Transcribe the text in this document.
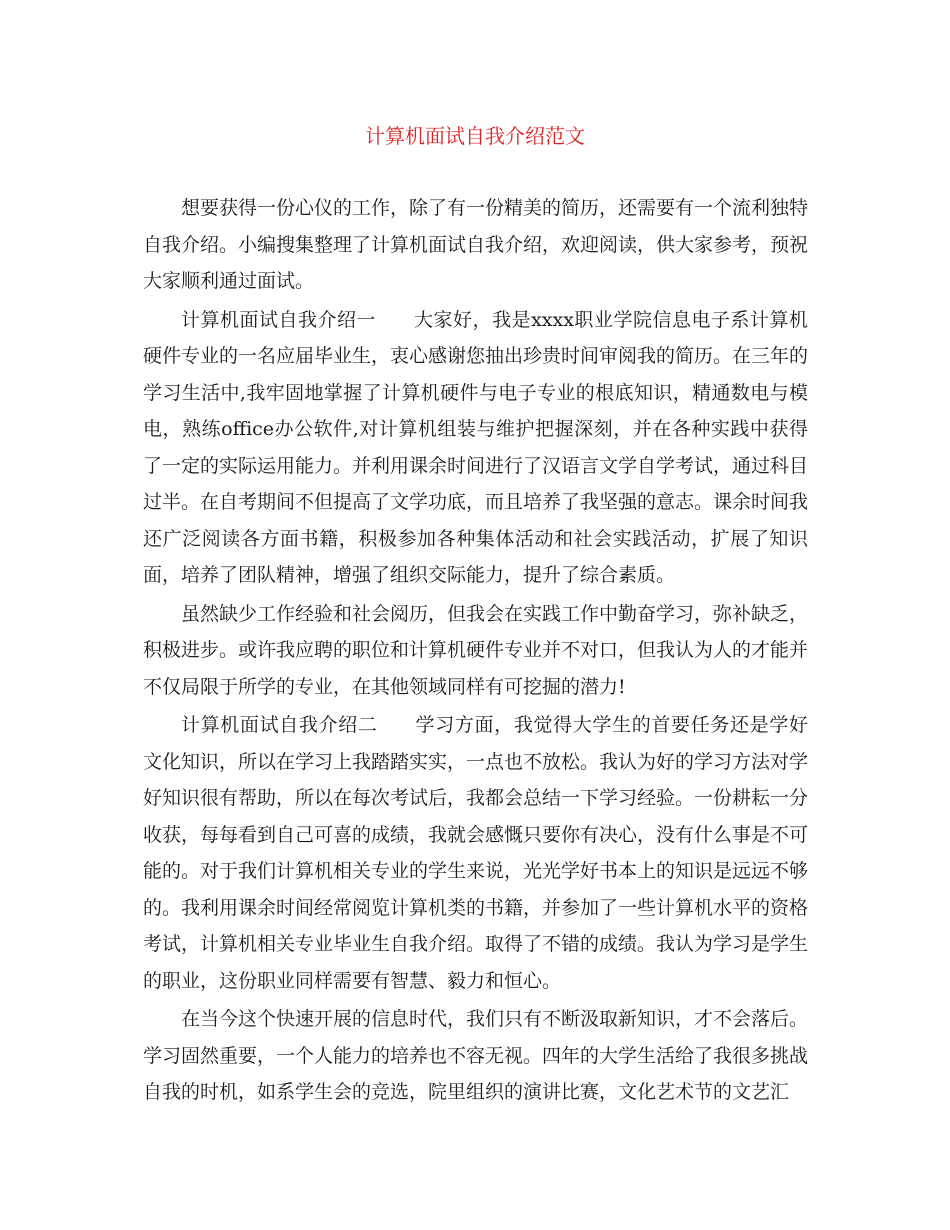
计算机面试自我介绍范文

想要获得一份心仪的工作，除了有一份精美的简历，还需要有一个流利独特自我介绍。小编搜集整理了计算机面试自我介绍，欢迎阅读，供大家参考，预祝大家顺利通过面试。

计算机面试自我介绍一 大家好，我是xxxx职业学院信息电子系计算机硬件专业的一名应届毕业生，衷心感谢您抽出珍贵时间审阅我的简历。在三年的学习生活中,我牢固地掌握了计算机硬件与电子专业的根底知识，精通数电与模电，熟练office办公软件,对计算机组装与维护把握深刻，并在各种实践中获得了一定的实际运用能力。并利用课余时间进行了汉语言文学自学考试，通过科目过半。在自考期间不但提高了文学功底，而且培养了我坚强的意志。课余时间我还广泛阅读各方面书籍，积极参加各种集体活动和社会实践活动，扩展了知识面，培养了团队精神，增强了组织交际能力，提升了综合素质。

虽然缺少工作经验和社会阅历，但我会在实践工作中勤奋学习，弥补缺乏，积极进步。或许我应聘的职位和计算机硬件专业并不对口，但我认为人的才能并不仅局限于所学的专业，在其他领域同样有可挖掘的潜力!

计算机面试自我介绍二 学习方面，我觉得大学生的首要任务还是学好文化知识，所以在学习上我踏踏实实，一点也不放松。我认为好的学习方法对学好知识很有帮助，所以在每次考试后，我都会总结一下学习经验。一份耕耘一分收获，每每看到自己可喜的成绩，我就会感慨只要你有决心，没有什么事是不可能的。对于我们计算机相关专业的学生来说，光光学好书本上的知识是远远不够的。我利用课余时间经常阅览计算机类的书籍，并参加了一些计算机水平的资格考试，计算机相关专业毕业生自我介绍。取得了不错的成绩。我认为学习是学生的职业，这份职业同样需要有智慧、毅力和恒心。

在当今这个快速开展的信息时代，我们只有不断汲取新知识，才不会落后。学习固然重要，一个人能力的培养也不容无视。四年的大学生活给了我很多挑战自我的时机，如系学生会的竞选，院里组织的演讲比赛，文化艺术节的文艺汇
